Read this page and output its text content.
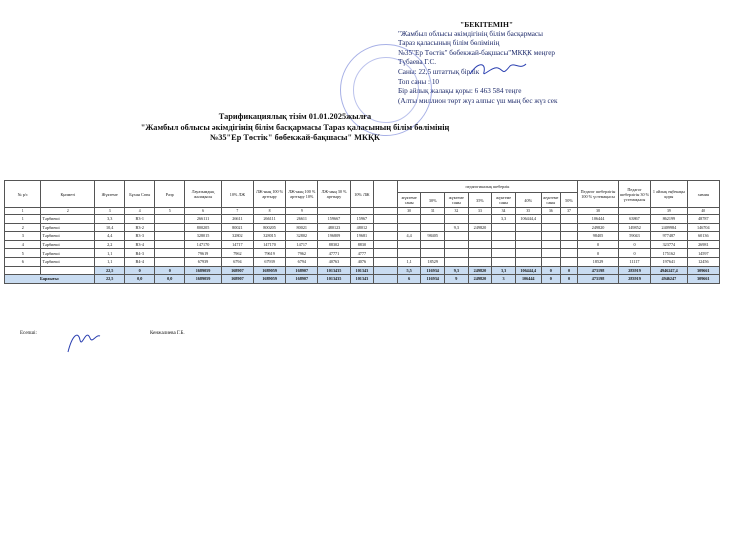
"БЕКІТЕМІН"
"Жамбыл облысы әкімдігінің білім басқармасы
Тараз қаласының білім бөлімінің
№35"Ер Төстік" бөбекжай-бақшасы"МКҚК меңгер
Түбаева Г.С.
Саны: 22,5 штаттық бірлік
Топ саны : 10
Бір айлық жалақы қоры: 6 463 584 теңге
(Алты миллион төрт жүз алпыс үш мың бес жүз сек
Тарификациялық тізім 01.01.2025жылға
"Жамбыл облысы әкімдігінің білім басқармасы Тараз қаласының білім бөлімінің
№35"Ер Төстік" бөбекжай-бақшасы" МКҚК
№ р/с	Қызметі	Жүктеме	Бұхан Саты	Разр	Лауазымдық жалақысы	10% ЛЖ	ЛЖ-ның 100 % арттыру	ЛЖ-ның 100 % арттыру 10%	ЛЖ-ның 30 % арттыру	10% ЛЖ		педагогикалық шеберлік								Педагог шеберлігін 100 % үстемақысы	Педагог шеберлігін 30 % үстемақысы	1 айлық еңбекақы қоры	химия
												жүктеме саны	30%	жүктеме саны	35%	жүктеме саны	40%	жүктеме саны	50%				
1	2	3	4	5	6	7	8	9				30	31	32	33	34	35	36	37	38		39	40
1	Тәрбиеші	3,3	В3-1		266111	26611	266111	26611	159667	15967						3,3	106444,4			106444	63867	862199	48787
2	Тәрбиеші	10,4	В3-2		800205	80021	800205	80021	480123	48012				9,3	249820					249820	149852	2409984	146704
3	Тәрбиеші	4,4	В3-3		328015	32802	328015	32802	196809	19681		4,4	98405							98405	59043	977487	60136
4	Тәрбиеші	2,2	В3-4		147170	14717	147170	14717	88302	8830										0	0	323774	26981
5	Тәрбиеші	1,1	В4-3		79619	7962	79619	7962	47771	4777										0	0	175162	14597
6	Тәрбиеші	1,1	В4-4		67939	6794	67939	6794	40763	4076		1,1	18529							18529	11117	197641	12456
		22,5	0	0	1689059	168907	1689059	168907	1013435	101343		5,5	116934	9,3	249820	3,3	106444,4	0	0	473198	283919	4946247,4	309661
Барлығы:		22,5	0,0	0,0	1689059	168907	1689059	168907	1013435	101343		6	116934	9	249820	3	106444	0	0	473198	283919	4946247	309661
Есепші:	Кенжалиева Г.Б.
